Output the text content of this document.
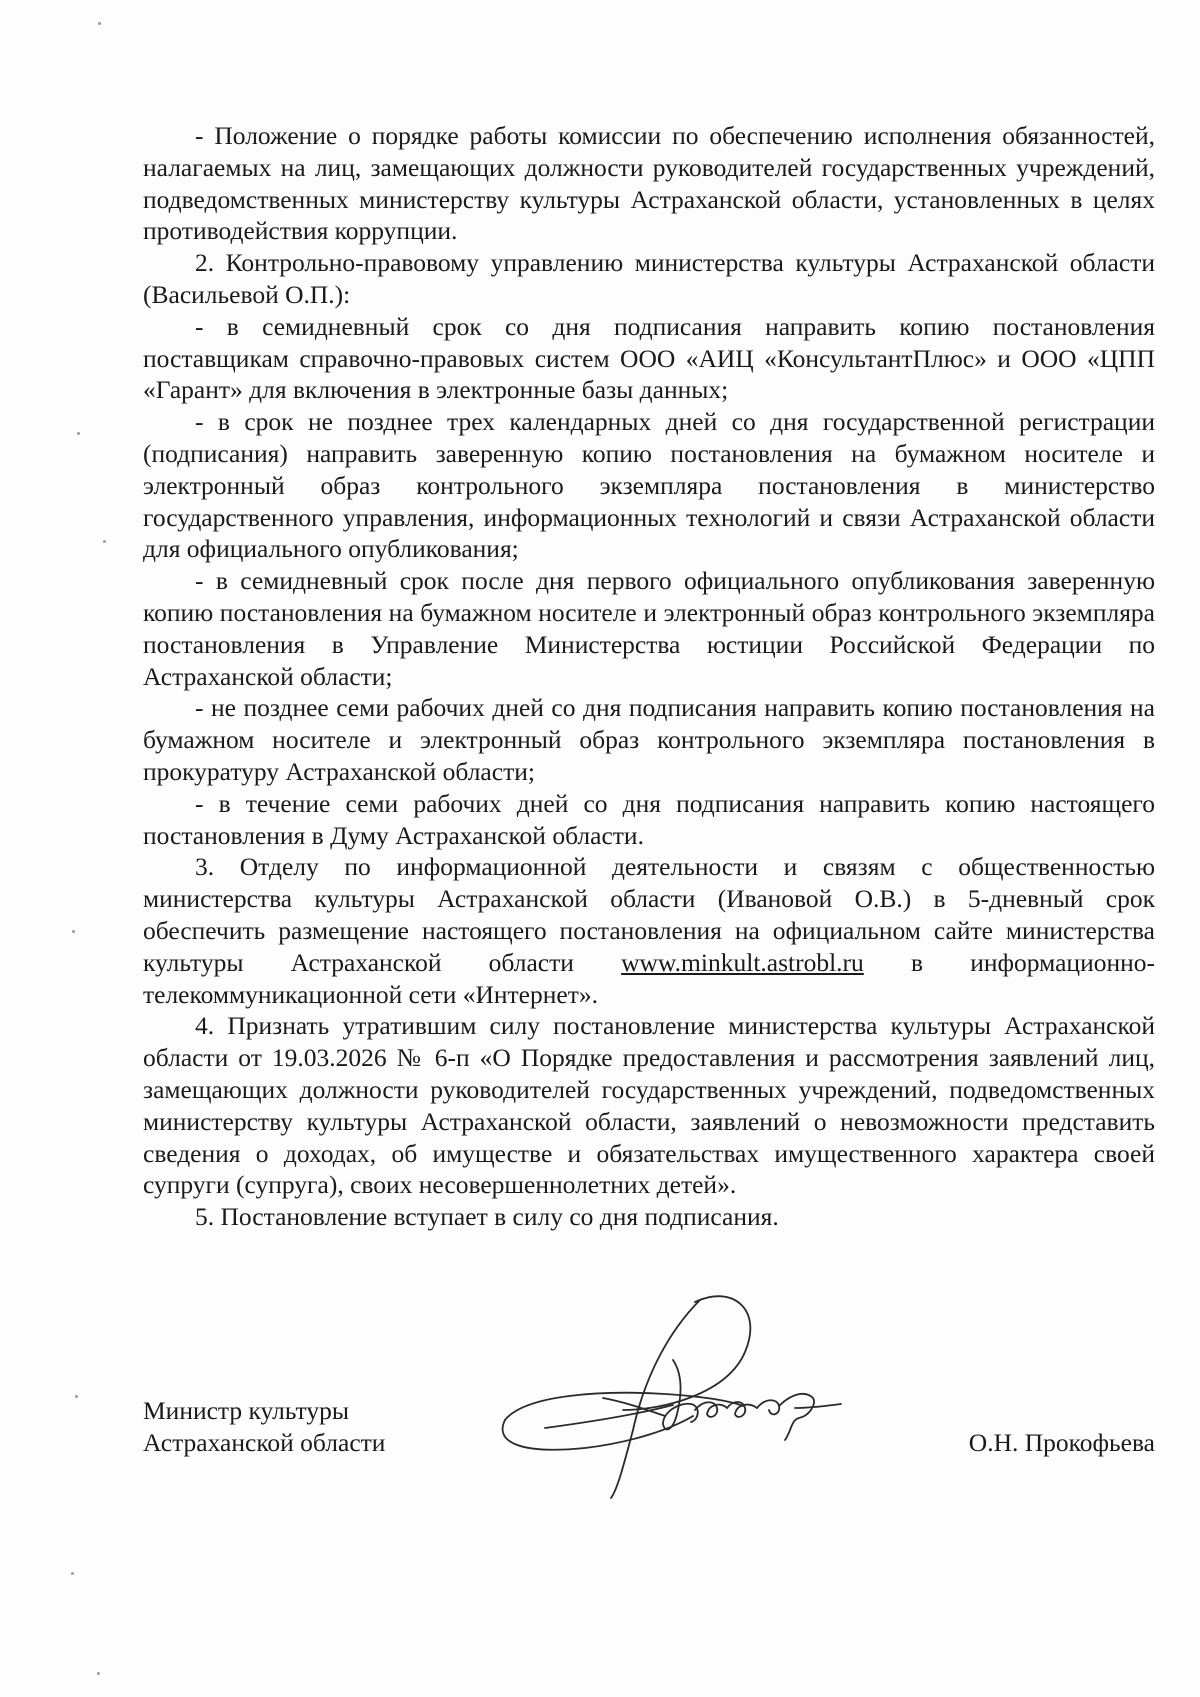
- Положение о порядке работы комиссии по обеспечению исполнения обязанностей, налагаемых на лиц, замещающих должности руководителей государственных учреждений, подведомственных министерству культуры Астраханской области, установленных в целях противодействия коррупции.

2. Контрольно-правовому управлению министерства культуры Астраханской области (Васильевой О.П.):

- в семидневный срок со дня подписания направить копию постановления поставщикам справочно-правовых систем ООО «АИЦ «КонсультантПлюс» и ООО «ЦПП «Гарант» для включения в электронные базы данных;

- в срок не позднее трех календарных дней со дня государственной регистрации (подписания) направить заверенную копию постановления на бумажном носителе и электронный образ контрольного экземпляра постановления в министерство государственного управления, информационных технологий и связи Астраханской области для официального опубликования;

- в семидневный срок после дня первого официального опубликования заверенную копию постановления на бумажном носителе и электронный образ контрольного экземпляра постановления в Управление Министерства юстиции Российской Федерации по Астраханской области;

- не позднее семи рабочих дней со дня подписания направить копию постановления на бумажном носителе и электронный образ контрольного экземпляра постановления в прокуратуру Астраханской области;

- в течение семи рабочих дней со дня подписания направить копию настоящего постановления в Думу Астраханской области.

3. Отделу по информационной деятельности и связям с общественностью министерства культуры Астраханской области (Ивановой О.В.) в 5-дневный срок обеспечить размещение настоящего постановления на официальном сайте министерства культуры Астраханской области www.minkult.astrobl.ru в информационно-телекоммуникационной сети «Интернет».

4. Признать утратившим силу постановление министерства культуры Астраханской области от 19.03.2026 № 6-п «О Порядке предоставления и рассмотрения заявлений лиц, замещающих должности руководителей государственных учреждений, подведомственных министерству культуры Астраханской области, заявлений о невозможности представить сведения о доходах, об имуществе и обязательствах имущественного характера своей супруги (супруга), своих несовершеннолетних детей».

5. Постановление вступает в силу со дня подписания.

Министр культуры
Астраханской области	О.Н. Прокофьева
